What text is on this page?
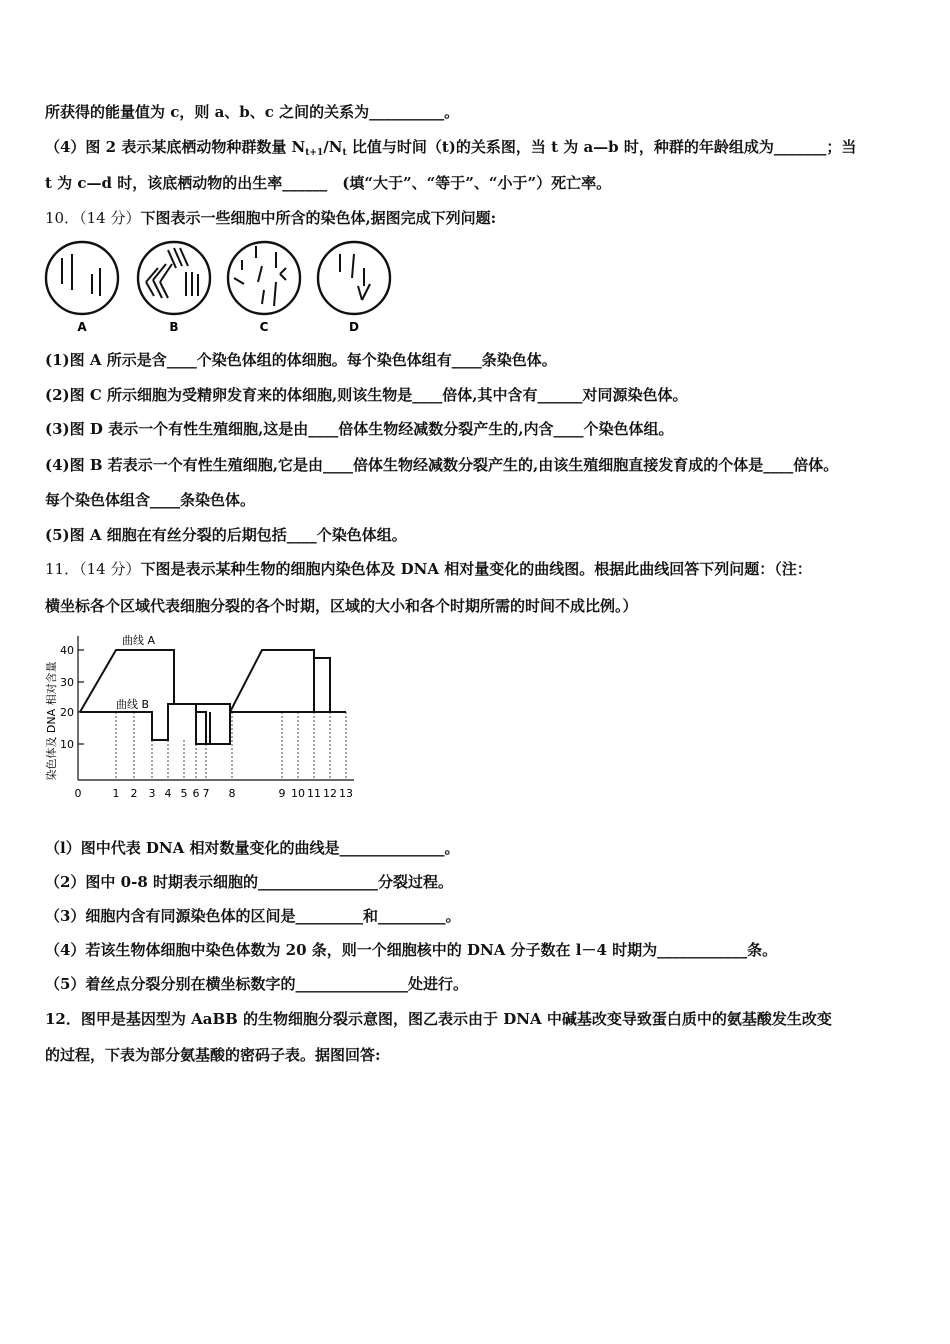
所获得的能量值为 c，则 a、b、c 之间的关系为__________。
（4）图 2 表示某底栖动物种群数量 $N_{t+1}/N_t$ 比值与时间（t)的关系图，当 t 为 a—b 时，种群的年龄组成为_______；当
t 为 c—d 时，该底栖动物的出生率______　(填“大于”、“等于”、“小于”）死亡率。
10．（14 分）下图表示一些细胞中所含的染色体,据图完成下列问题:
A	B	C	D
(1)图 A 所示是含____个染色体组的体细胞。每个染色体组有____条染色体。
(2)图 C 所示细胞为受精卵发育来的体细胞,则该生物是____倍体,其中含有______对同源染色体。
(3)图 D 表示一个有性生殖细胞,这是由____倍体生物经减数分裂产生的,内含____个染色体组。
(4)图 B 若表示一个有性生殖细胞,它是由____倍体生物经减数分裂产生的,由该生殖细胞直接发育成的个体是____倍体。
每个染色体组含____条染色体。
(5)图 A 细胞在有丝分裂的后期包括____个染色体组。
11．（14 分）下图是表示某种生物的细胞内染色体及 DNA 相对量变化的曲线图。根据此曲线回答下列问题：（注：
横坐标各个区域代表细胞分裂的各个时期，区域的大小和各个时期所需的时间不成比例。）
染色体及 DNA 相对含量 10
20
30
40
曲线 A
曲线 B
0	1 2 3 4 5 6 7 8	9 10 11 12 13
（l）图中代表 DNA 相对数量变化的曲线是______________。
（2）图中 0-8 时期表示细胞的________________分裂过程。
（3）细胞内含有同源染色体的区间是_________和_________。
（4）若该生物体细胞中染色体数为 20 条，则一个细胞核中的 DNA 分子数在 l－4 时期为____________条。
（5）着丝点分裂分别在横坐标数字的_______________处进行。
12．图甲是基因型为 AaBB 的生物细胞分裂示意图，图乙表示由于 DNA 中碱基改变导致蛋白质中的氨基酸发生改变
的过程，下表为部分氨基酸的密码子表。据图回答:
